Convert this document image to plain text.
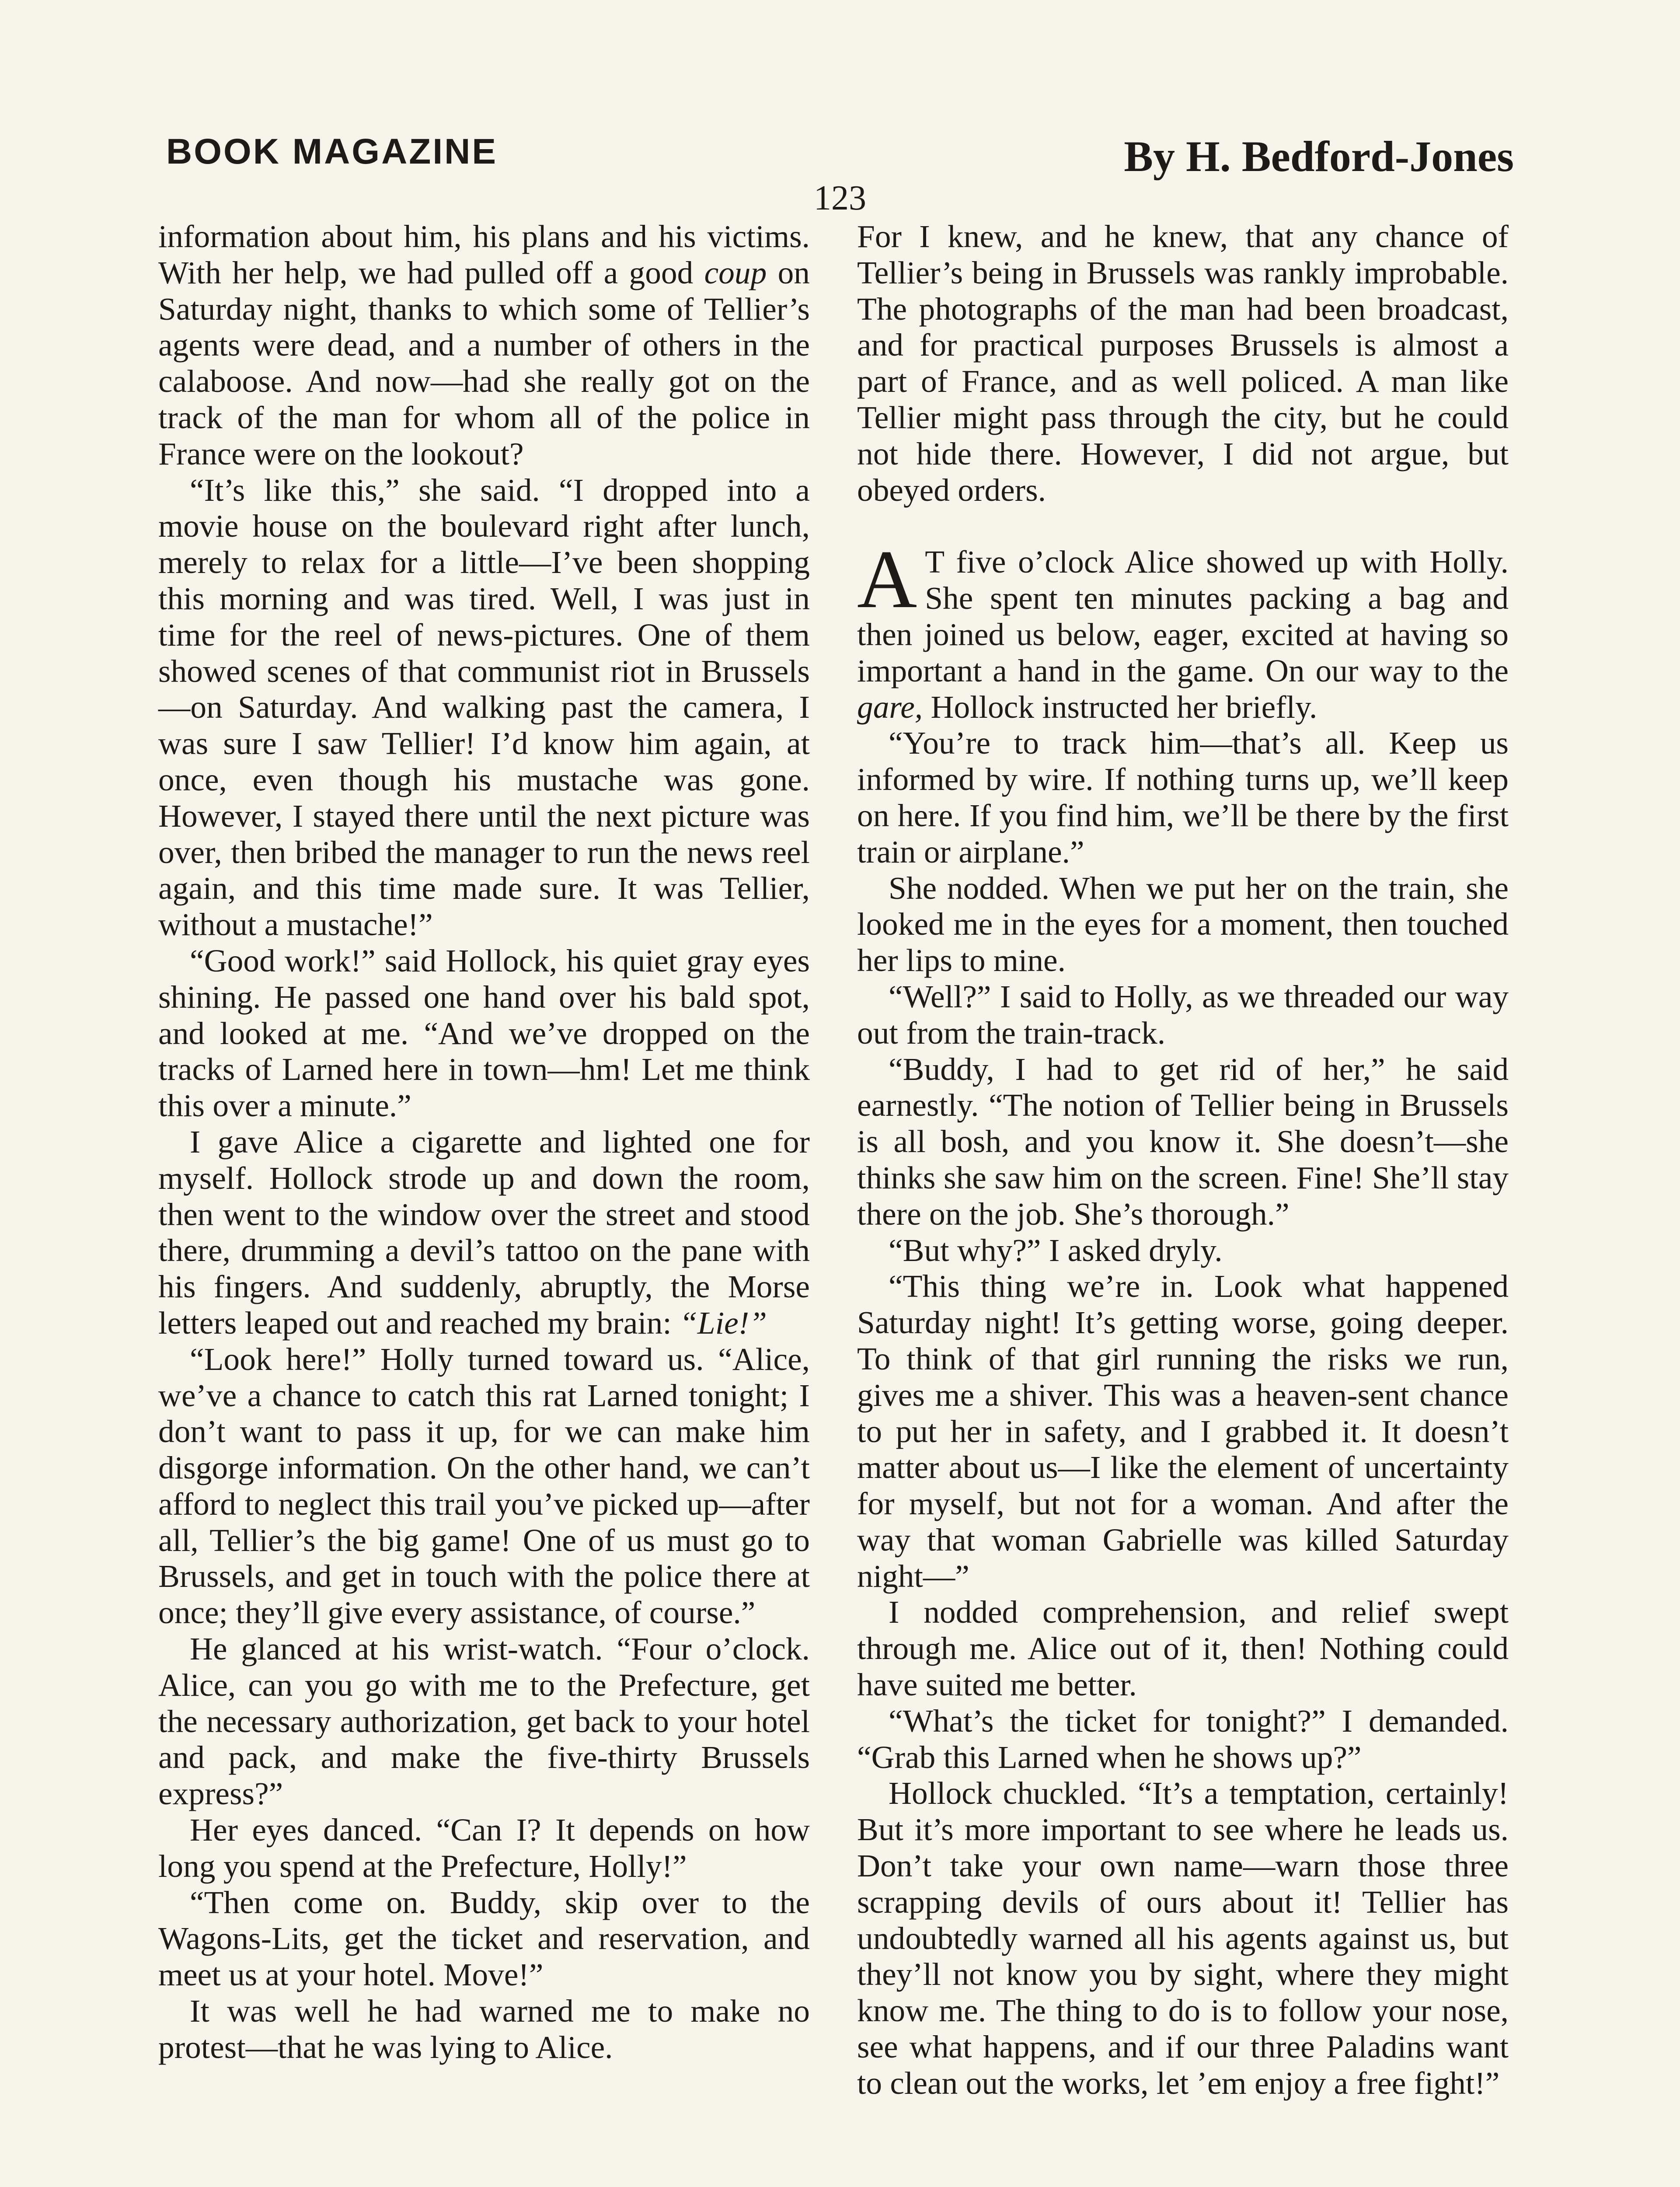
BOOK MAGAZINE	By H. Bedford-Jones
123

information about him, his plans and his victims. With her help, we had pulled off a good coup on Saturday night, thanks to which some of Tellier’s agents were dead, and a number of others in the calaboose. And now—had she really got on the track of the man for whom all of the police in France were on the lookout?

“It’s like this,” she said. “I dropped into a movie house on the boulevard right after lunch, merely to relax for a little—I’ve been shopping this morning and was tired. Well, I was just in time for the reel of news-pictures. One of them showed scenes of that communist riot in Brussels—on Saturday. And walking past the camera, I was sure I saw Tellier! I’d know him again, at once, even though his mustache was gone. However, I stayed there until the next picture was over, then bribed the manager to run the news reel again, and this time made sure. It was Tellier, without a mustache!”

“Good work!” said Hollock, his quiet gray eyes shining. He passed one hand over his bald spot, and looked at me. “And we’ve dropped on the tracks of Larned here in town—hm! Let me think this over a minute.”

I gave Alice a cigarette and lighted one for myself. Hollock strode up and down the room, then went to the window over the street and stood there, drumming a devil’s tattoo on the pane with his fingers. And suddenly, abruptly, the Morse letters leaped out and reached my brain: “Lie!”

“Look here!” Holly turned toward us. “Alice, we’ve a chance to catch this rat Larned tonight; I don’t want to pass it up, for we can make him disgorge information. On the other hand, we can’t afford to neglect this trail you’ve picked up—after all, Tellier’s the big game! One of us must go to Brussels, and get in touch with the police there at once; they’ll give every assistance, of course.”

He glanced at his wrist-watch. “Four o’clock. Alice, can you go with me to the Prefecture, get the necessary authorization, get back to your hotel and pack, and make the five-thirty Brussels express?”

Her eyes danced. “Can I? It depends on how long you spend at the Prefecture, Holly!”

“Then come on. Buddy, skip over to the Wagons-Lits, get the ticket and reservation, and meet us at your hotel. Move!”

It was well he had warned me to make no protest—that he was lying to Alice.

For I knew, and he knew, that any chance of Tellier’s being in Brussels was rankly improbable. The photographs of the man had been broadcast, and for practical purposes Brussels is almost a part of France, and as well policed. A man like Tellier might pass through the city, but he could not hide there. However, I did not argue, but obeyed orders.

A T five o’clock Alice showed up with Holly. She spent ten minutes packing a bag and then joined us below, eager, excited at having so important a hand in the game. On our way to the gare, Hollock instructed her briefly.

“You’re to track him—that’s all. Keep us informed by wire. If nothing turns up, we’ll keep on here. If you find him, we’ll be there by the first train or airplane.”

She nodded. When we put her on the train, she looked me in the eyes for a moment, then touched her lips to mine.

“Well?” I said to Holly, as we threaded our way out from the train-track.

“Buddy, I had to get rid of her,” he said earnestly. “The notion of Tellier being in Brussels is all bosh, and you know it. She doesn’t—she thinks she saw him on the screen. Fine! She’ll stay there on the job. She’s thorough.”

“But why?” I asked dryly.

“This thing we’re in. Look what happened Saturday night! It’s getting worse, going deeper. To think of that girl running the risks we run, gives me a shiver. This was a heaven-sent chance to put her in safety, and I grabbed it. It doesn’t matter about us—I like the element of uncertainty for myself, but not for a woman. And after the way that woman Gabrielle was killed Saturday night—”

I nodded comprehension, and relief swept through me. Alice out of it, then! Nothing could have suited me better.

“What’s the ticket for tonight?” I demanded. “Grab this Larned when he shows up?”

Hollock chuckled. “It’s a temptation, certainly! But it’s more important to see where he leads us. Don’t take your own name—warn those three scrapping devils of ours about it! Tellier has undoubtedly warned all his agents against us, but they’ll not know you by sight, where they might know me. The thing to do is to follow your nose, see what happens, and if our three Paladins want to clean out the works, let ’em enjoy a free fight!”
